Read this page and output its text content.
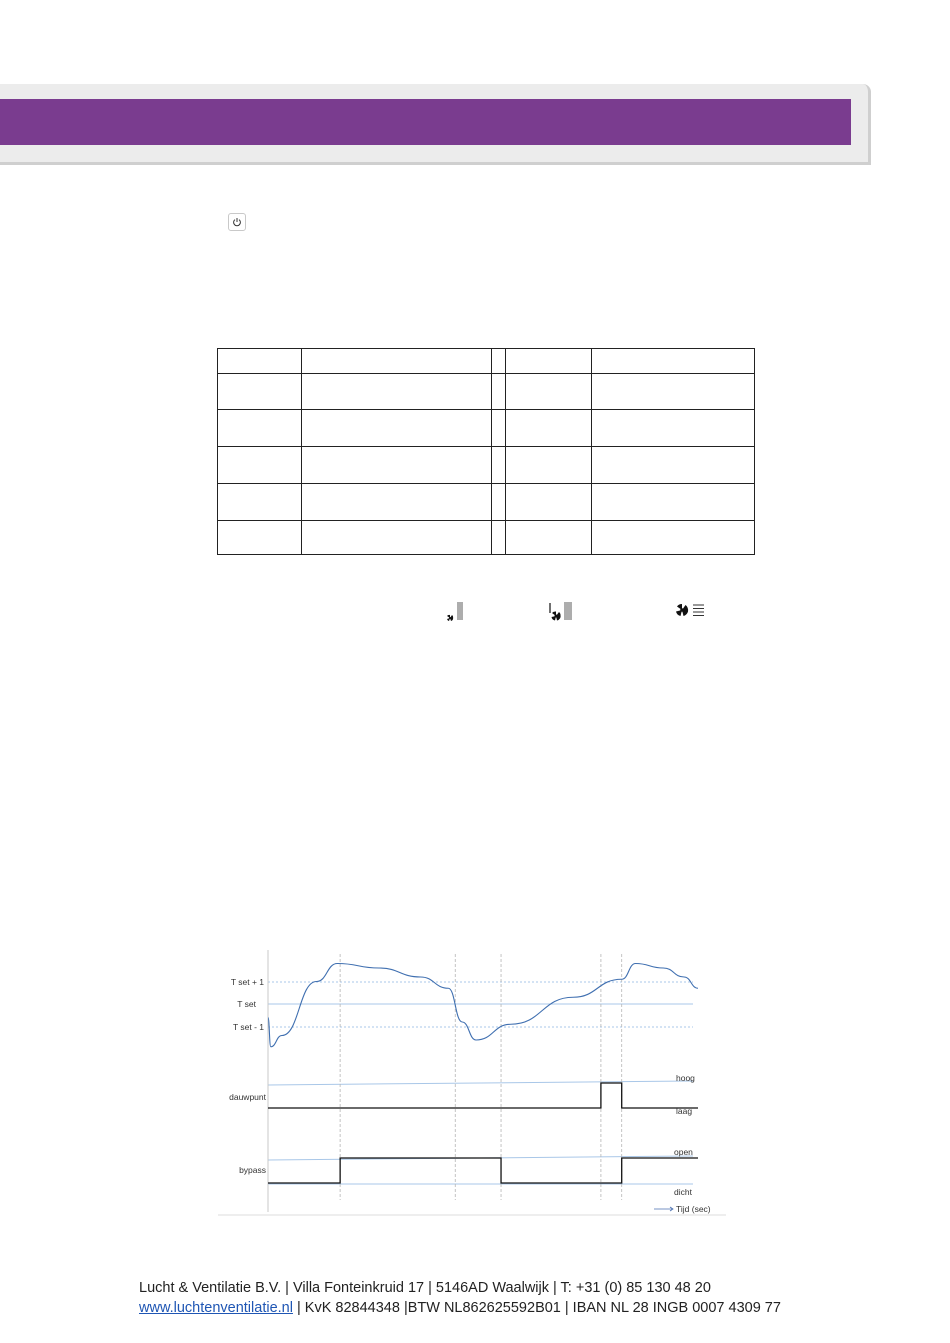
T set + 1
T set
T set - 1
dauwpunt
bypass
hoog
laag
open
dicht
Tijd (sec)
Lucht & Ventilatie B.V. | Villa Fonteinkruid 17 | 5146AD Waalwijk | T: +31 (0) 85 130 48 20
www.luchtenventilatie.nl | KvK 82844348 |BTW NL862625592B01 | IBAN NL 28 INGB 0007 4309 77
